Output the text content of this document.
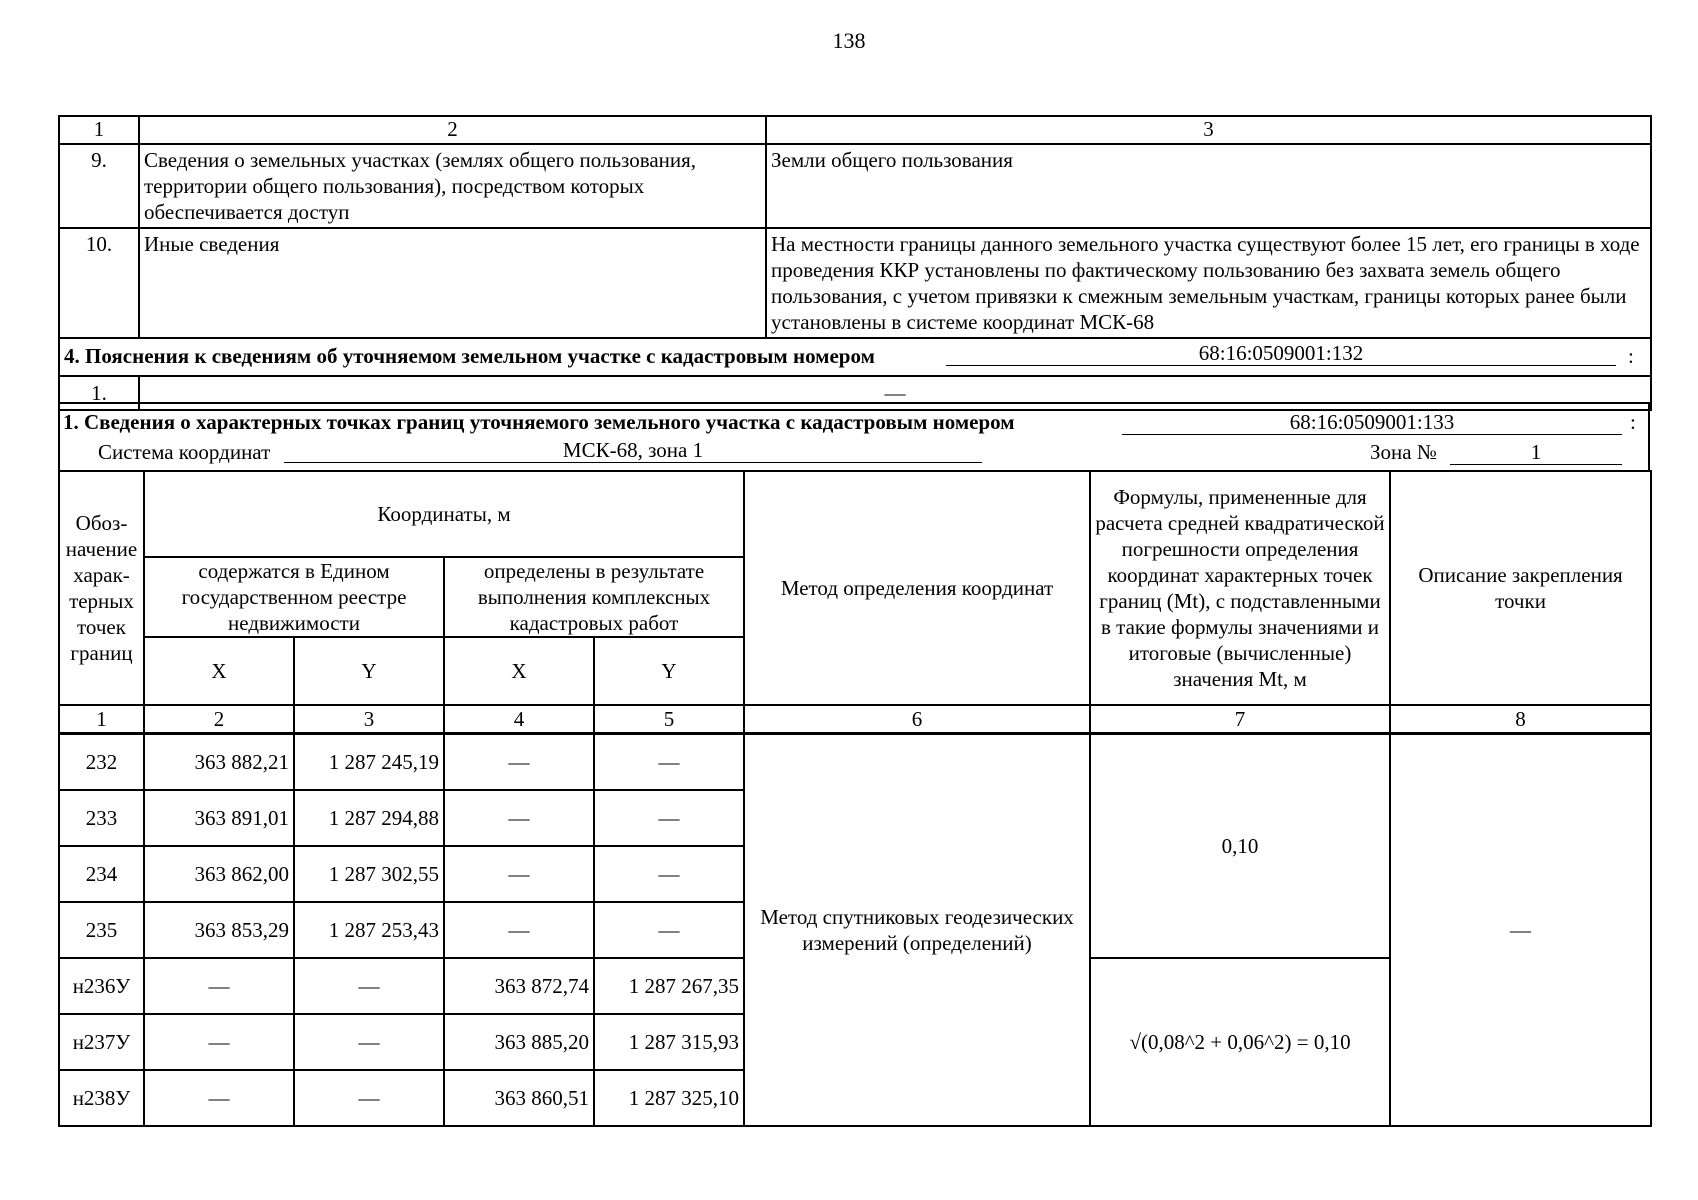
138
1	2	3
9.	Сведения о земельных участках (землях общего пользования, территории общего пользования), посредством которых обеспечивается доступ	Земли общего пользования
10.	Иные сведения	На местности границы данного земельного участка существуют более 15 лет, его границы в ходе проведения ККР установлены по фактическому пользованию без захвата земель общего пользования, с учетом привязки к смежным земельным участкам, границы которых ранее были установлены в системе координат МСК-68
4. Пояснения к сведениям об уточняемом земельном участке с кадастровым номером 68:16:0509001:132 :		

1.	—	
1. Сведения о характерных точках границ уточняемого земельного участка с кадастровым номером	68:16:0509001:133	:
Система координат	МСК-68, зона 1	Зона №	1
Обоз-начение харак-терных точек границ	Координаты, м				Метод определения координат	Формулы, примененные для расчета средней квадратической погрешности определения координат характерных точек границ (Mt), с подставленными в такие формулы значениями и итоговые (вычисленные) значения Mt, м	Описание закрепления точки
	содержатся в Едином государственном реестре недвижимости		определены в результате выполнения комплексных кадастровых работ				
	X	Y	X	Y			
1	2	3	4	5	6	7	8
232	363 882,21	1 287 245,19	—	—	Метод спутниковых геодезических измерений (определений)	0,10	—
233	363 891,01	1 287 294,88	—	—			
234	363 862,00	1 287 302,55	—	—			
235	363 853,29	1 287 253,43	—	—			
н236У	—	—	363 872,74	1 287 267,35		√(0,08^2 + 0,06^2) = 0,10	
н237У	—	—	363 885,20	1 287 315,93			
н238У	—	—	363 860,51	1 287 325,10			
